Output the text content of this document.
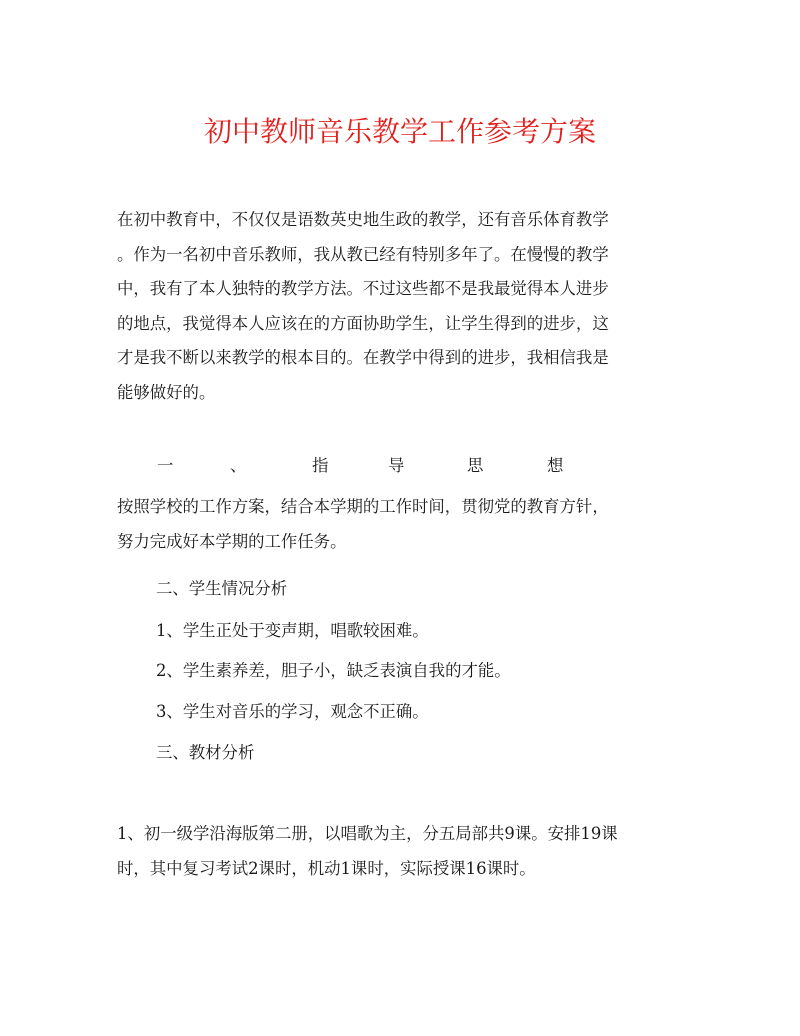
初中教师音乐教学工作参考方案

在初中教育中，不仅仅是语数英史地生政的教学，还有音乐体育教学
。作为一名初中音乐教师，我从教已经有特别多年了。在慢慢的教学
中，我有了本人独特的教学方法。不过这些都不是我最觉得本人进步
的地点，我觉得本人应该在的方面协助学生，让学生得到的进步，这
才是我不断以来教学的根本目的。在教学中得到的进步，我相信我是
能够做好的。

一	、	指	导	思	想

按照学校的工作方案，结合本学期的工作时间，贯彻党的教育方针，
努力完成好本学期的工作任务。

二、学生情况分析

1、学生正处于变声期，唱歌较困难。

2、学生素养差，胆子小，缺乏表演自我的才能。

3、学生对音乐的学习，观念不正确。

三、教材分析

1、初一级学沿海版第二册，以唱歌为主，分五局部共9课。安排19课
时，其中复习考试2课时，机动1课时，实际授课16课时。
